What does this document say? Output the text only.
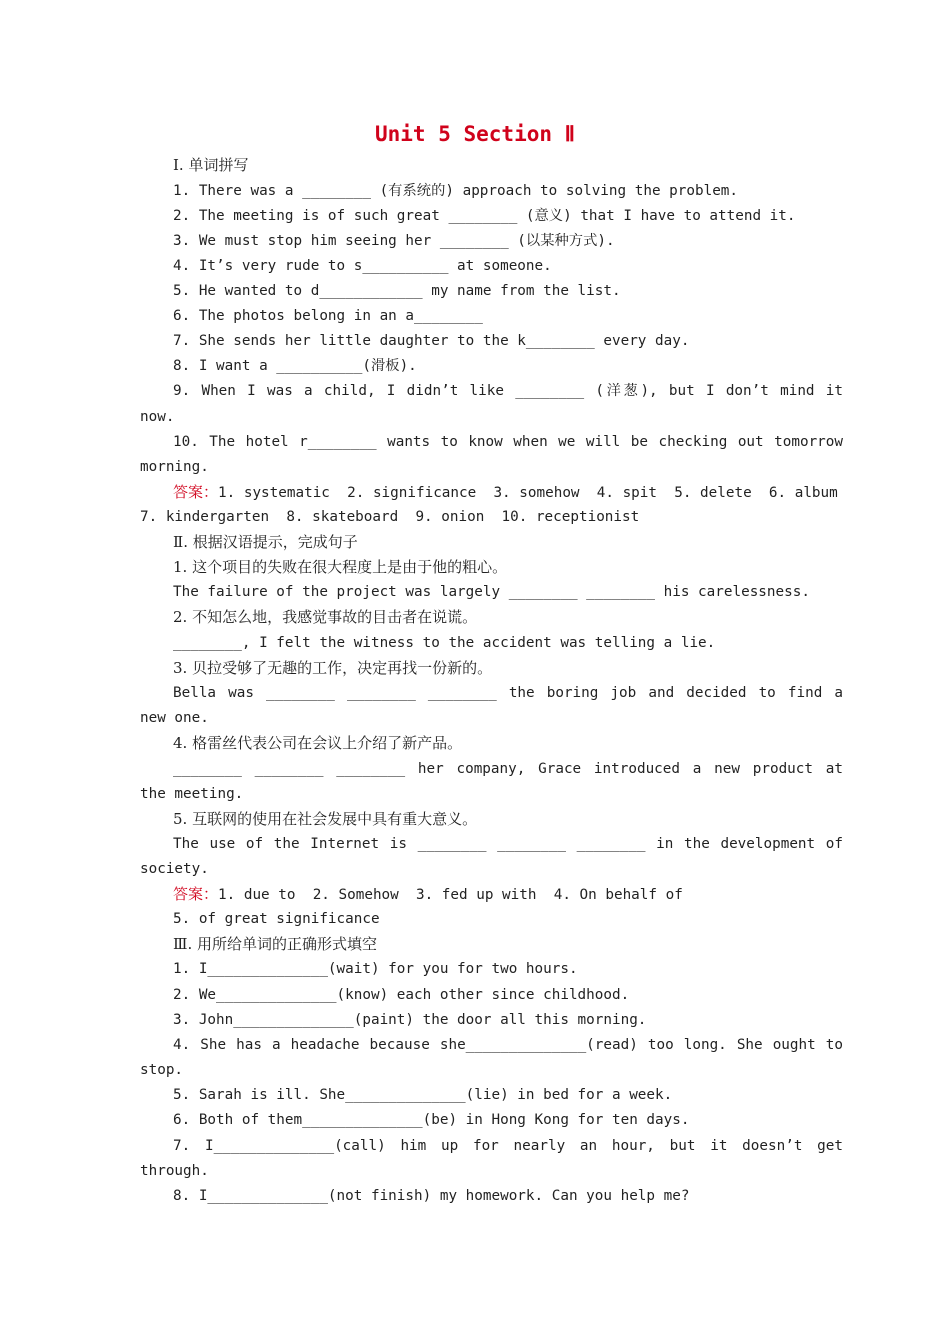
Unit 5 Section Ⅱ
Ⅰ. 单词拼写
1. There was a ________ (有系统的) approach to solving the problem.
2. The meeting is of such great ________ (意义) that I have to attend it.
3. We must stop him seeing her ________ (以某种方式).
4. It’s very rude to s__________ at someone.
5. He wanted to d____________ my name from the list.
6. The photos belong in an a________
7. She sends her little daughter to the k________ every day.
8. I want a __________(滑板).
9. When I was a child, I didn’t like ________ (洋葱), but I don’t mind it
now.
10. The hotel r________ wants to know when we will be checking out tomorrow
morning.
答案：1. systematic  2. significance  3. somehow  4. spit  5. delete  6. album
7. kindergarten  8. skateboard  9. onion  10. receptionist
Ⅱ. 根据汉语提示，完成句子
1. 这个项目的失败在很大程度上是由于他的粗心。
The failure of the project was largely ________ ________ his carelessness.
2. 不知怎么地，我感觉事故的目击者在说谎。
________, I felt the witness to the accident was telling a lie.
3. 贝拉受够了无趣的工作，决定再找一份新的。
Bella was ________ ________ ________ the boring job and decided to find a
new one.
4. 格雷丝代表公司在会议上介绍了新产品。
________ ________ ________ her company, Grace introduced a new product at
the meeting.
5. 互联网的使用在社会发展中具有重大意义。
The use of the Internet is ________ ________ ________ in the development of
society.
答案：1. due to  2. Somehow  3. fed up with  4. On behalf of
5. of great significance
Ⅲ. 用所给单词的正确形式填空
1. I______________(wait) for you for two hours.
2. We______________(know) each other since childhood.
3. John______________(paint) the door all this morning.
4. She has a headache because she______________(read) too long. She ought to
stop.
5. Sarah is ill. She______________(lie) in bed for a week.
6. Both of them______________(be) in Hong Kong for ten days.
7. I______________(call) him up for nearly an hour, but it doesn’t get
through.
8. I______________(not finish) my homework. Can you help me?
